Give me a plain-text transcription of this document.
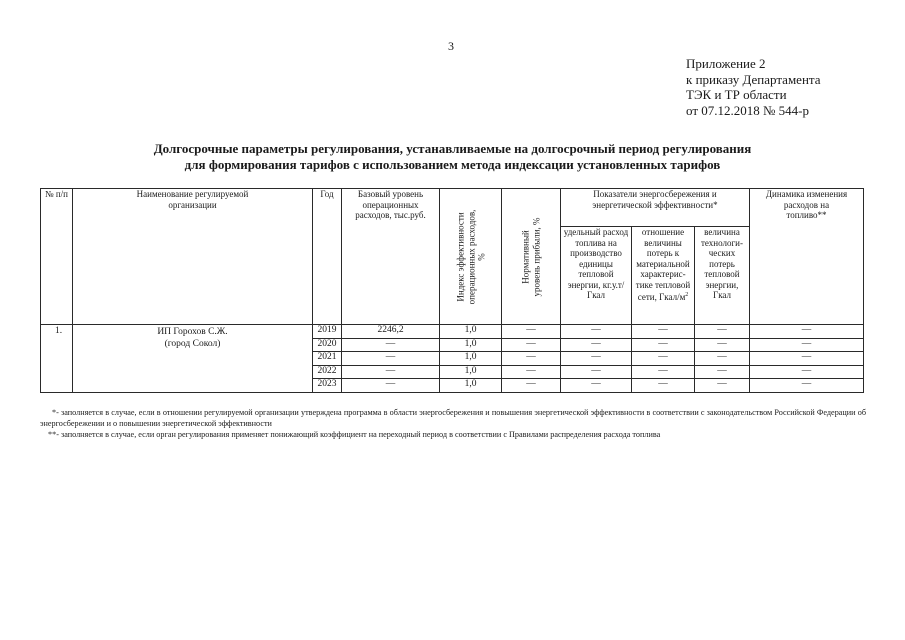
3
Приложение 2
к приказу Департамента
ТЭК и ТР области
от 07.12.2018 № 544-р
Долгосрочные параметры регулирования, устанавливаемые на долгосрочный период регулирования
для формирования тарифов с использованием метода индексации установленных тарифов
№ п/п	Наименование регулируемой организации	Год	Базовый уровень операционных расходов, тыс.руб.	Индекс эффективности
операционных расходов,
%	Нормативный
уровень прибыли, %	Показатели энергосбережения и энергетической эффективности*			Динамика изменения расходов на топливо**
						удельный расход топлива на производство единицы тепловой энергии, кг.у.т/Гкал	отношение величины потерь к материальной характерис-тике тепловой сети, Гкал/$м^2$	величина технологи-ческих потерь тепловой энергии, Гкал	
1.	ИП Горохов С.Ж.
(город Сокол)	2019	2246,2	1,0	—	—	—	—	—
		2020	—	1,0	—	—	—	—	—
		2021	—	1,0	—	—	—	—	—
		2022	—	1,0	—	—	—	—	—
		2023	—	1,0	—	—	—	—	—

*- заполняется в случае, если в отношении регулируемой организации утверждена программа в области энергосбережения и повышения энергетической эффективности в соответствии с законодательством Российской Федерации об энергосбережении и о повышении энергетической эффективности

**- заполняется в случае, если орган регулирования применяет понижающий коэффициент на переходный период в соответствии с Правилами распределения расхода топлива
